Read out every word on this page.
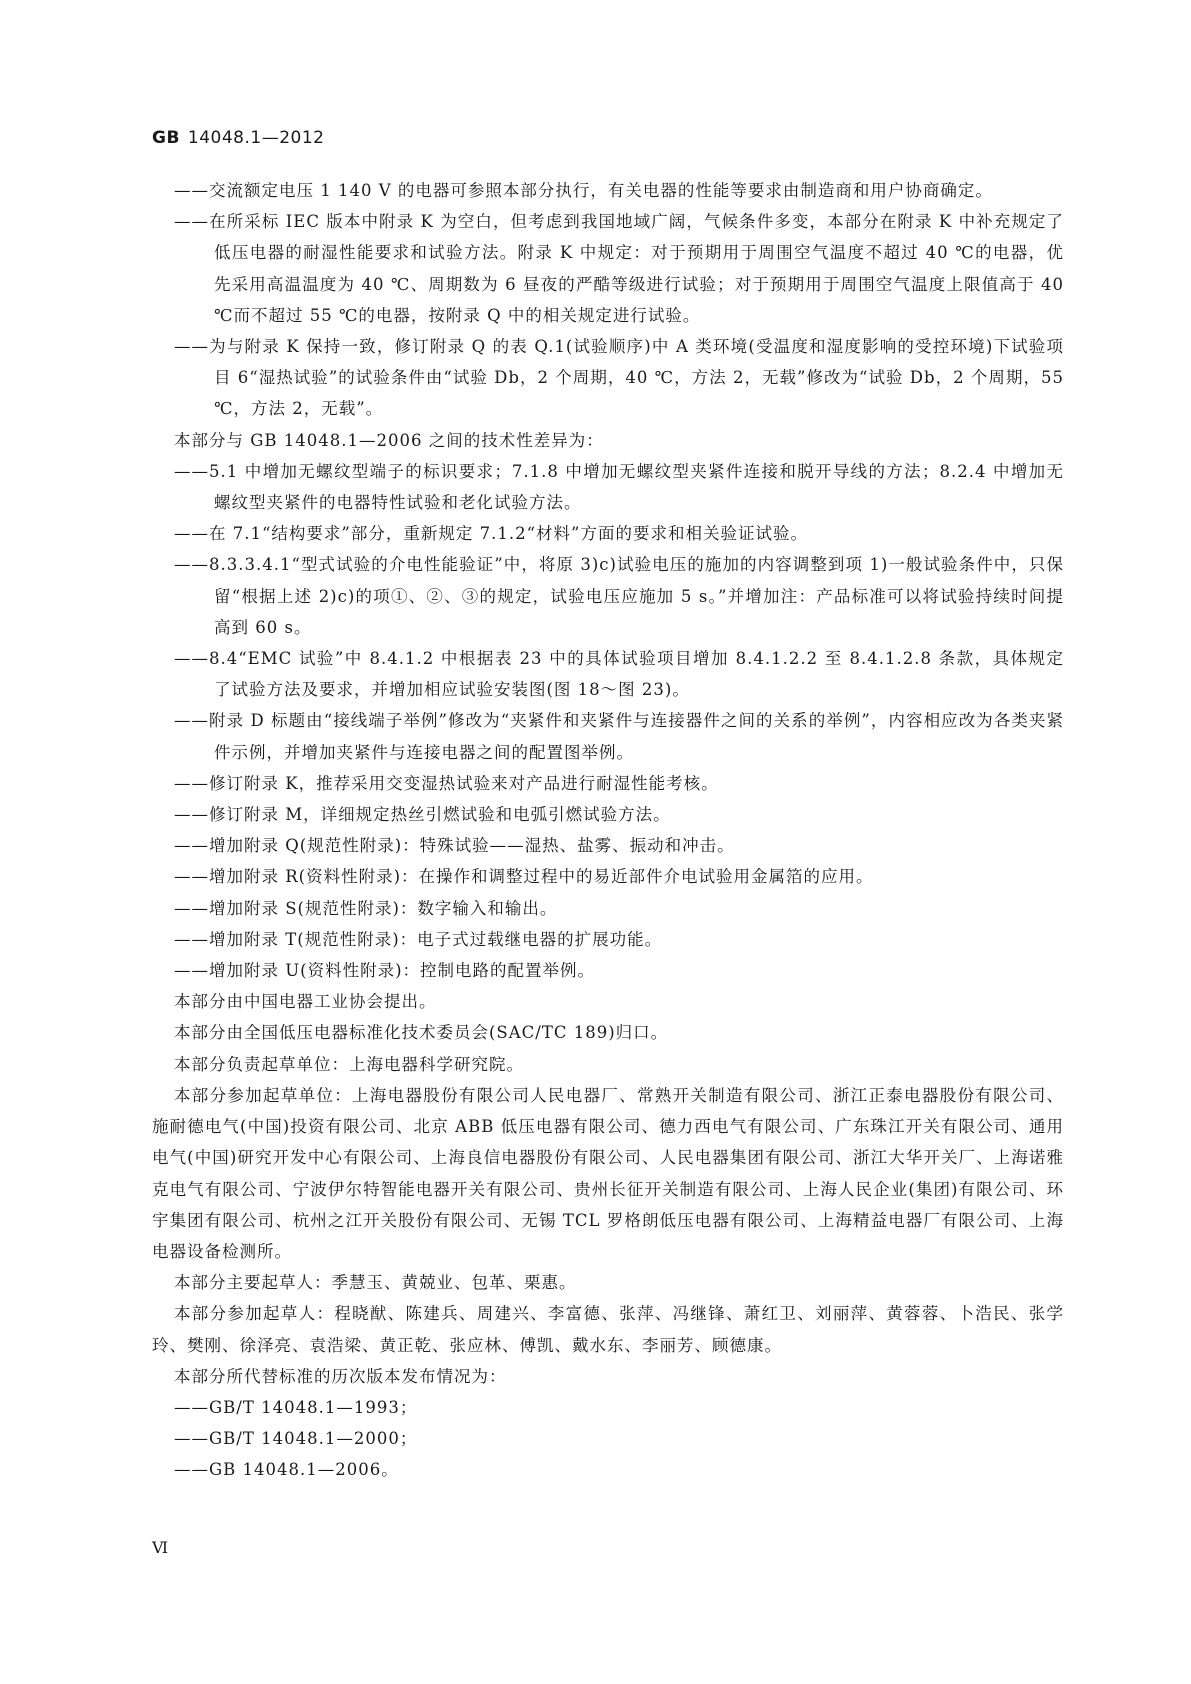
GB 14048.1—2012

——交流额定电压 1 140 V 的电器可参照本部分执行，有关电器的性能等要求由制造商和用户协商确定。

——在所采标 IEC 版本中附录 K 为空白，但考虑到我国地域广阔，气候条件多变，本部分在附录 K 中补充规定了低压电器的耐湿性能要求和试验方法。附录 K 中规定：对于预期用于周围空气温度不超过 40 ℃的电器，优先采用高温温度为 40 ℃、周期数为 6 昼夜的严酷等级进行试验；对于预期用于周围空气温度上限值高于 40 ℃而不超过 55 ℃的电器，按附录 Q 中的相关规定进行试验。

——为与附录 K 保持一致，修订附录 Q 的表 Q.1(试验顺序)中 A 类环境(受温度和湿度影响的受控环境)下试验项目 6“湿热试验”的试验条件由“试验 Db，2 个周期，40 ℃，方法 2，无载”修改为“试验 Db，2 个周期，55 ℃，方法 2，无载”。

本部分与 GB 14048.1—2006 之间的技术性差异为：

——5.1 中增加无螺纹型端子的标识要求；7.1.8 中增加无螺纹型夹紧件连接和脱开导线的方法；8.2.4 中增加无螺纹型夹紧件的电器特性试验和老化试验方法。

——在 7.1“结构要求”部分，重新规定 7.1.2“材料”方面的要求和相关验证试验。

——8.3.3.4.1“型式试验的介电性能验证”中，将原 3)c)试验电压的施加的内容调整到项 1)一般试验条件中，只保留“根据上述 2)c)的项①、②、③的规定，试验电压应施加 5 s。”并增加注：产品标准可以将试验持续时间提高到 60 s。

——8.4“EMC 试验”中 8.4.1.2 中根据表 23 中的具体试验项目增加 8.4.1.2.2 至 8.4.1.2.8 条款，具体规定了试验方法及要求，并增加相应试验安装图(图 18～图 23)。

——附录 D 标题由“接线端子举例”修改为“夹紧件和夹紧件与连接器件之间的关系的举例”，内容相应改为各类夹紧件示例，并增加夹紧件与连接电器之间的配置图举例。

——修订附录 K，推荐采用交变湿热试验来对产品进行耐湿性能考核。

——修订附录 M，详细规定热丝引燃试验和电弧引燃试验方法。

——增加附录 Q(规范性附录)：特殊试验——湿热、盐雾、振动和冲击。

——增加附录 R(资料性附录)：在操作和调整过程中的易近部件介电试验用金属箔的应用。

——增加附录 S(规范性附录)：数字输入和输出。

——增加附录 T(规范性附录)：电子式过载继电器的扩展功能。

——增加附录 U(资料性附录)：控制电路的配置举例。

本部分由中国电器工业协会提出。

本部分由全国低压电器标准化技术委员会(SAC/TC 189)归口。

本部分负责起草单位：上海电器科学研究院。

本部分参加起草单位：上海电器股份有限公司人民电器厂、常熟开关制造有限公司、浙江正泰电器股份有限公司、施耐德电气(中国)投资有限公司、北京 ABB 低压电器有限公司、德力西电气有限公司、广东珠江开关有限公司、通用电气(中国)研究开发中心有限公司、上海良信电器股份有限公司、人民电器集团有限公司、浙江大华开关厂、上海诺雅克电气有限公司、宁波伊尔特智能电器开关有限公司、贵州长征开关制造有限公司、上海人民企业(集团)有限公司、环宇集团有限公司、杭州之江开关股份有限公司、无锡 TCL 罗格朗低压电器有限公司、上海精益电器厂有限公司、上海电器设备检测所。

本部分主要起草人：季慧玉、黄兢业、包革、栗惠。

本部分参加起草人：程晓猷、陈建兵、周建兴、李富德、张萍、冯继锋、萧红卫、刘丽萍、黄蓉蓉、卜浩民、张学玲、樊刚、徐泽亮、袁浩梁、黄正乾、张应林、傅凯、戴水东、李丽芳、顾德康。

本部分所代替标准的历次版本发布情况为：

——GB/T 14048.1—1993；

——GB/T 14048.1—2000；

——GB 14048.1—2006。

Ⅵ
